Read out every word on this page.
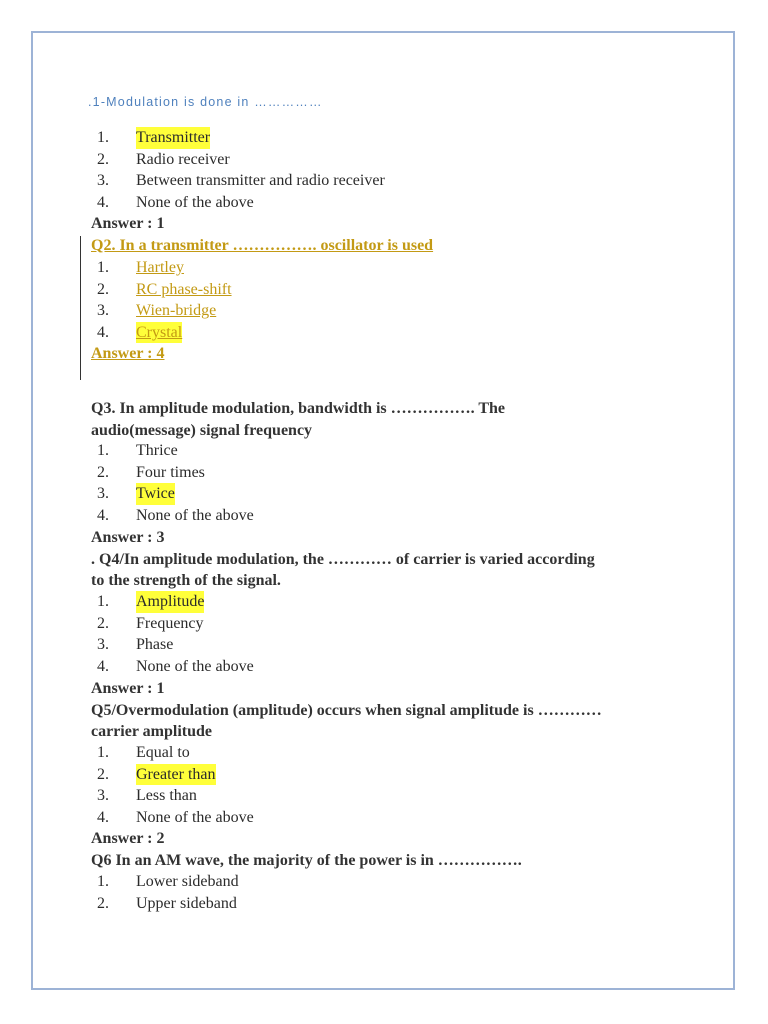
.1-Modulation is done in ……………
1. Transmitter
2. Radio receiver
3. Between transmitter and radio receiver
4. None of the above
Answer : 1
Q2. In a transmitter ……………. oscillator is used
1. Hartley
2. RC phase-shift
3. Wien-bridge
4. Crystal
Answer : 4
Q3. In amplitude modulation, bandwidth is ……………. The
audio(message) signal frequency
1. Thrice
2. Four times
3. Twice
4. None of the above
Answer : 3
. Q4/In amplitude modulation, the ………… of carrier is varied according
to the strength of the signal.
1. Amplitude
2. Frequency
3. Phase
4. None of the above
Answer : 1
Q5/Overmodulation (amplitude) occurs when signal amplitude is …………
carrier amplitude
1. Equal to
2. Greater than
3. Less than
4. None of the above
Answer : 2
Q6 In an AM wave, the majority of the power is in …………….
1. Lower sideband
2. Upper sideband
